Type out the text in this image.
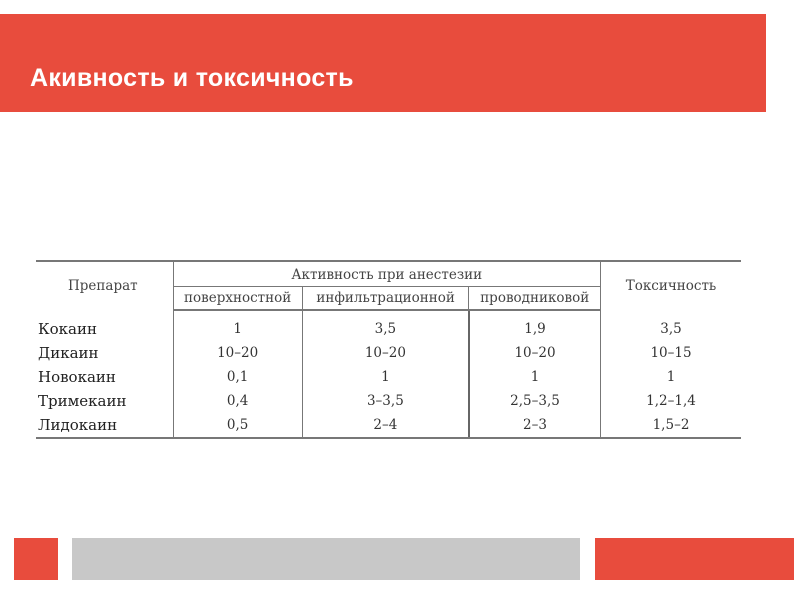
Акивность и токсичность
Препарат	Активность при анестезии			Токсичность
	поверхностной	инфильтрационной	проводниковой	
Кокаин	1	3,5	1,9	3,5
Дикаин	10–20	10–20	10–20	10–15
Новокаин	0,1	1	1	1
Тримекаин	0,4	3–3,5	2,5–3,5	1,2–1,4
Лидокаин	0,5	2–4	2–3	1,5–2
